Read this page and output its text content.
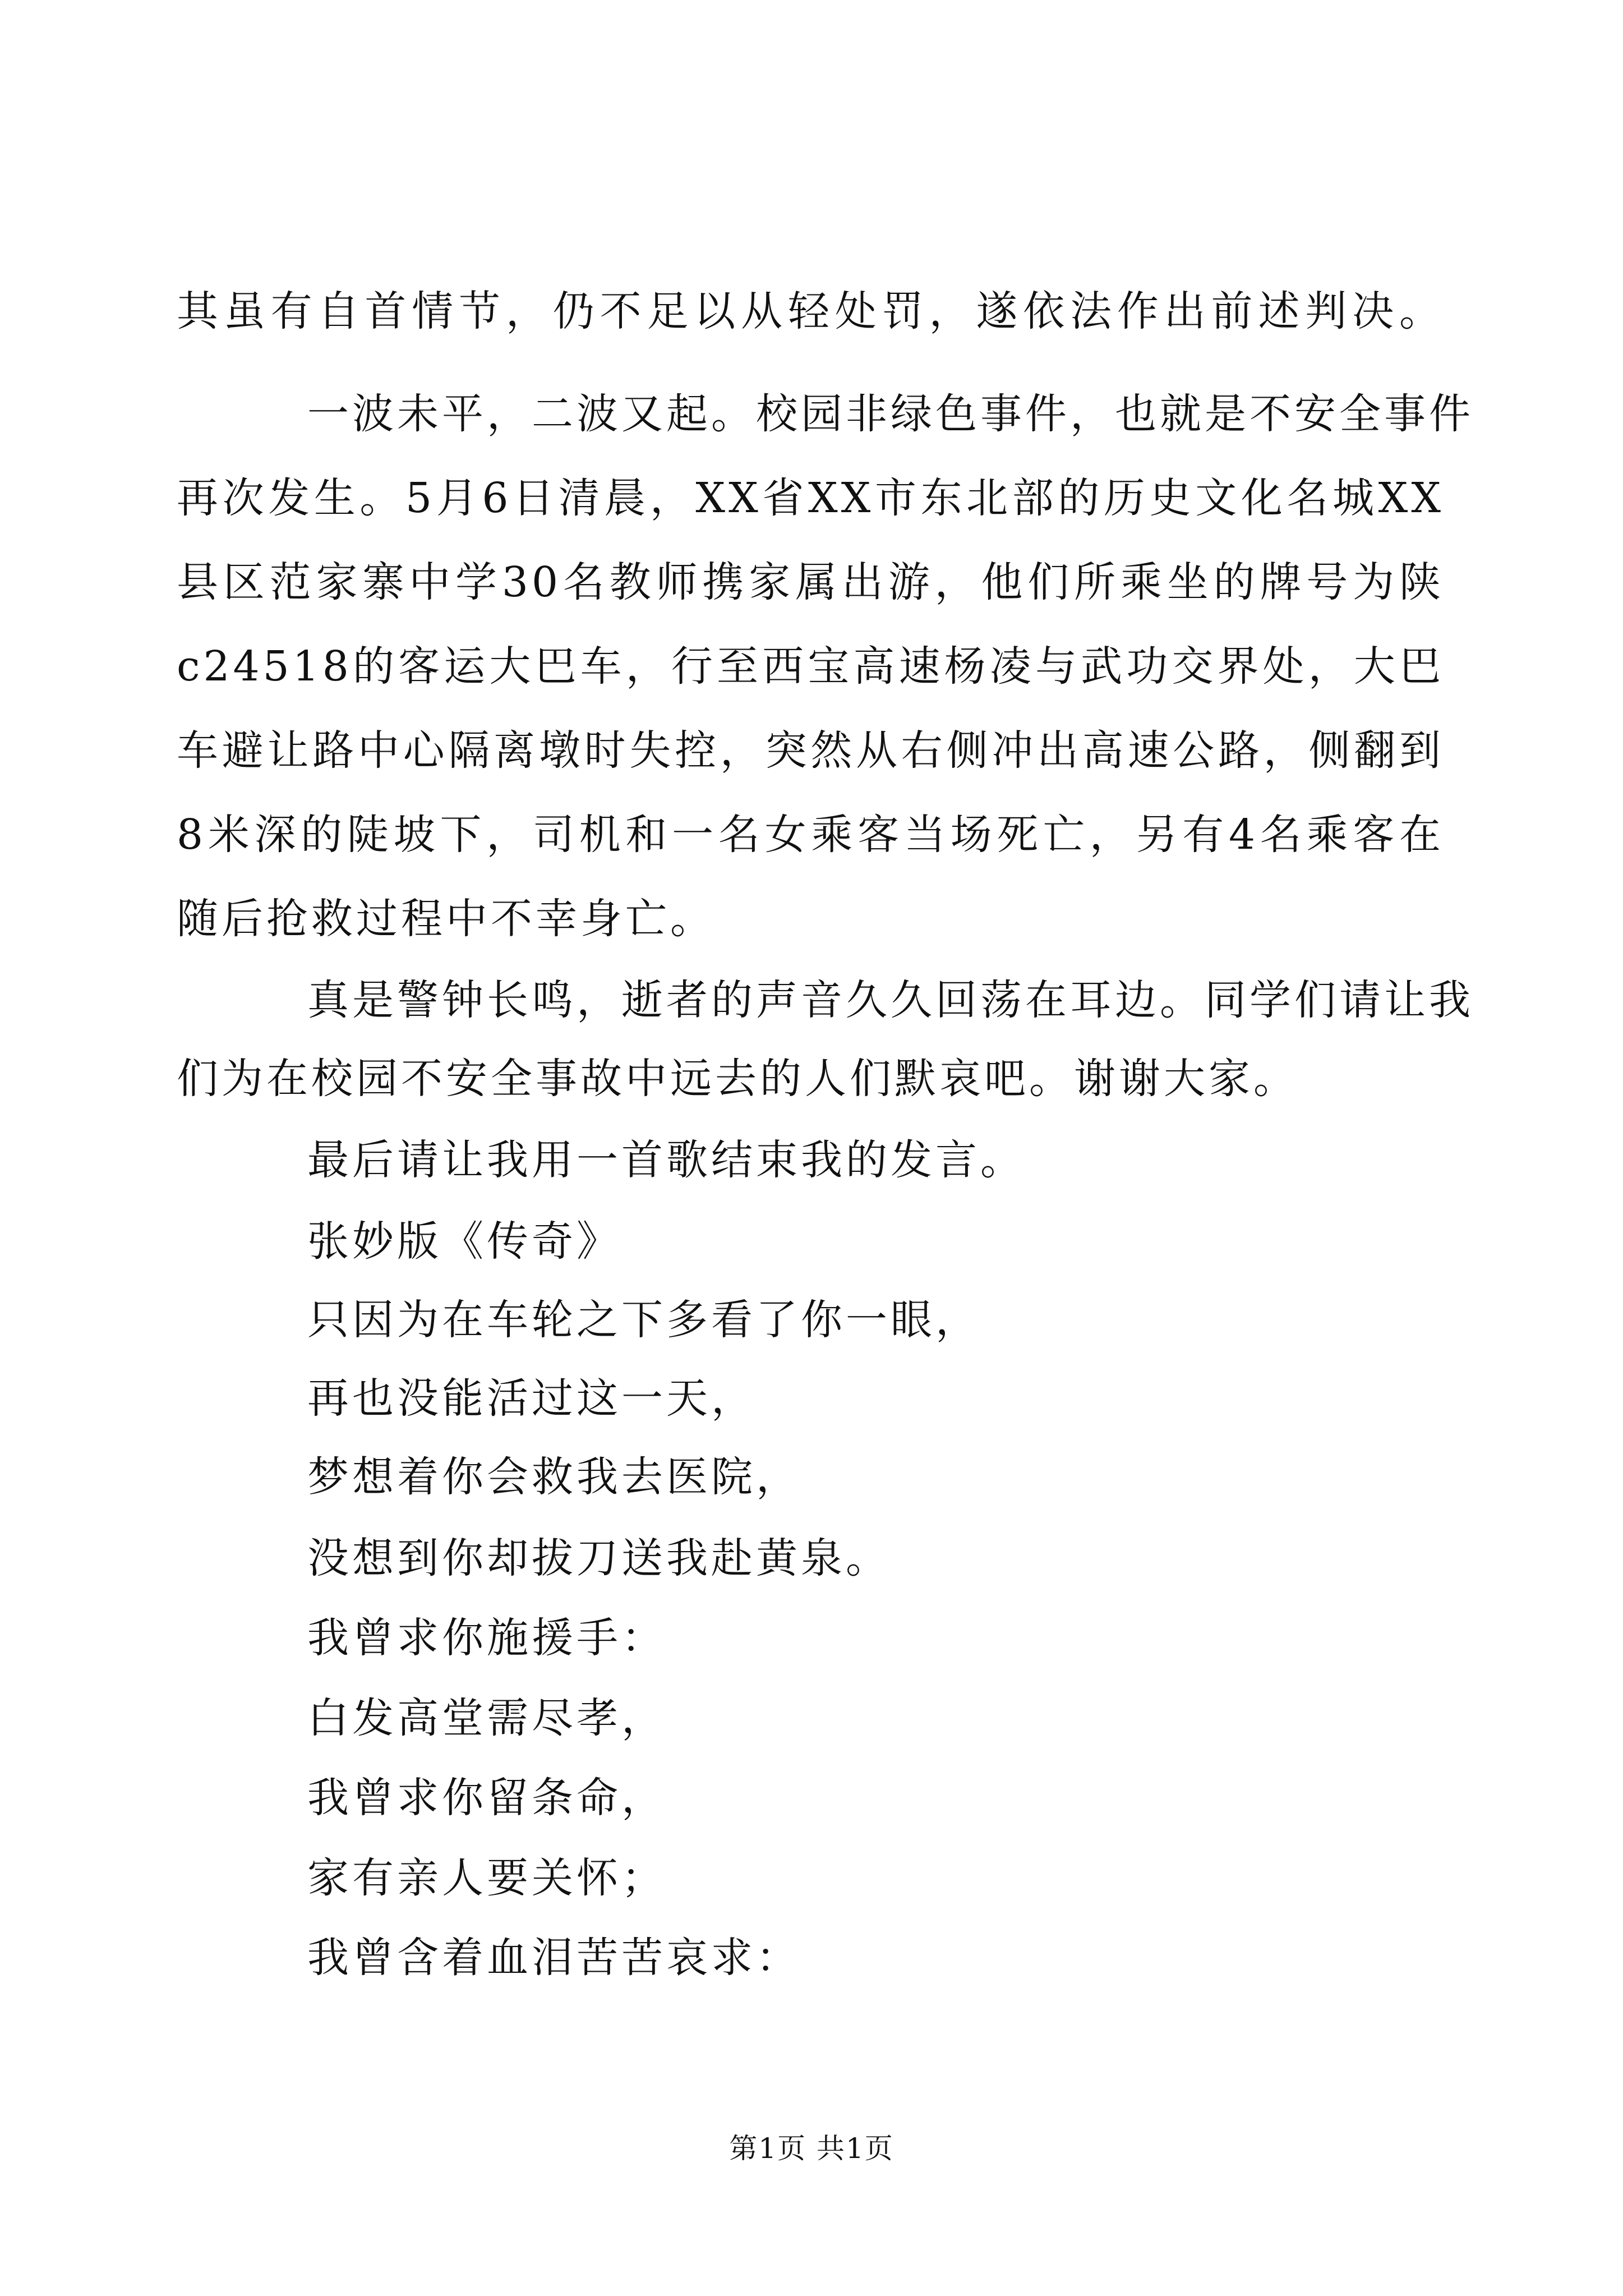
其虽有自首情节，仍不足以从轻处罚，遂依法作出前述判决。
一波未平，二波又起。校园非绿色事件，也就是不安全事件
再次发生。5月6日清晨，XX省XX市东北部的历史文化名城XX
县区范家寨中学30名教师携家属出游，他们所乘坐的牌号为陕
c24518的客运大巴车，行至西宝高速杨凌与武功交界处，大巴
车避让路中心隔离墩时失控，突然从右侧冲出高速公路，侧翻到
8米深的陡坡下，司机和一名女乘客当场死亡，另有4名乘客在
随后抢救过程中不幸身亡。
真是警钟长鸣，逝者的声音久久回荡在耳边。同学们请让我
们为在校园不安全事故中远去的人们默哀吧。谢谢大家。
最后请让我用一首歌结束我的发言。
张妙版《传奇》
只因为在车轮之下多看了你一眼，
再也没能活过这一天，
梦想着你会救我去医院，
没想到你却拔刀送我赴黄泉。
我曾求你施援手：
白发高堂需尽孝，
我曾求你留条命，
家有亲人要关怀；
我曾含着血泪苦苦哀求：
第1页 共1页
